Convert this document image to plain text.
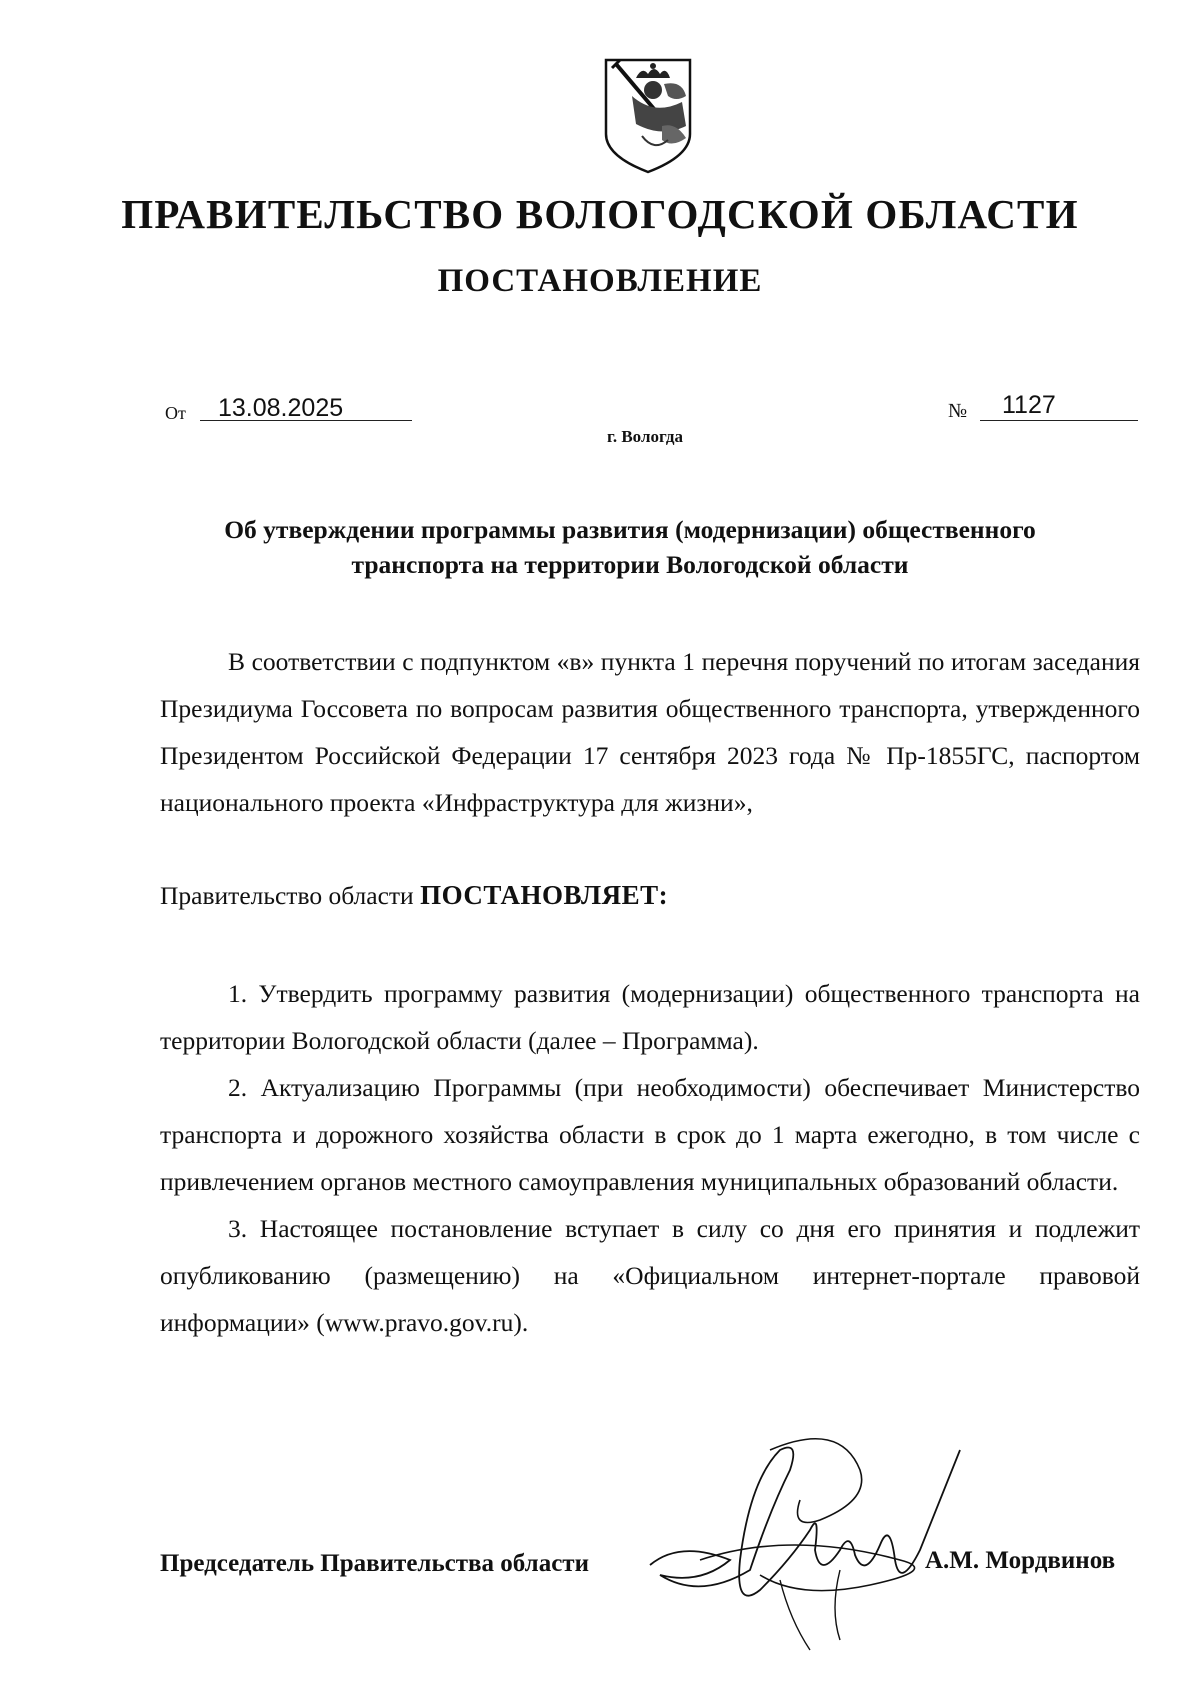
ПРАВИТЕЛЬСТВО ВОЛОГОДСКОЙ ОБЛАСТИ
ПОСТАНОВЛЕНИЕ
От 13.08.2025	№ 1127
г. Вологда
Об утверждении программы развития (модернизации) общественного
транспорта на территории Вологодской области
В соответствии с подпунктом «в» пункта 1 перечня поручений по итогам заседания Президиума Госсовета по вопросам развития общественного транспорта, утвержденного Президентом Российской Федерации 17 сентября 2023 года № Пр-1855ГС, паспортом национального проекта «Инфраструктура для жизни»,
Правительство области ПОСТАНОВЛЯЕТ:

1. Утвердить программу развития (модернизации) общественного транспорта на территории Вологодской области (далее – Программа).

2. Актуализацию Программы (при необходимости) обеспечивает Министерство транспорта и дорожного хозяйства области в срок до 1 марта ежегодно, в том числе с привлечением органов местного самоуправления муниципальных образований области.

3. Настоящее постановление вступает в силу со дня его принятия и подлежит опубликованию (размещению) на «Официальном интернет-портале правовой информации» (www.pravo.gov.ru).

Председатель Правительства области	А.М. Мордвинов
